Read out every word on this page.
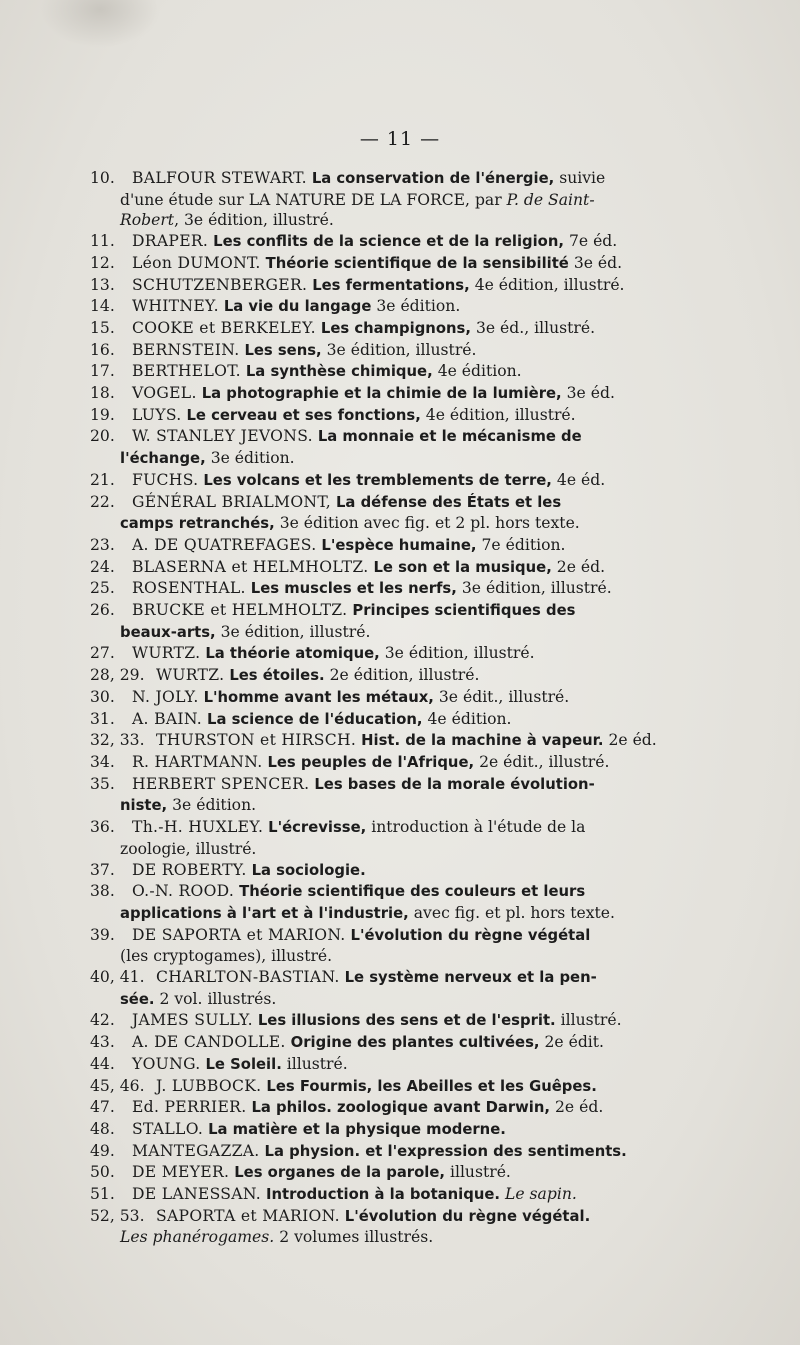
— 11 —
10.	BALFOUR STEWART. La conservation de l'énergie, suivie
d'une étude sur LA NATURE DE LA FORCE, par P. de Saint-
Robert, 3e édition, illustré.
11.	DRAPER. Les conflits de la science et de la religion, 7e éd.
12.	Léon DUMONT. Théorie scientifique de la sensibilité 3e éd.
13.	SCHUTZENBERGER. Les fermentations, 4e édition, illustré.
14.	WHITNEY. La vie du langage 3e édition.
15.	COOKE et BERKELEY. Les champignons, 3e éd., illustré.
16.	BERNSTEIN. Les sens, 3e édition, illustré.
17.	BERTHELOT. La synthèse chimique, 4e édition.
18.	VOGEL. La photographie et la chimie de la lumière, 3e éd.
19.	LUYS. Le cerveau et ses fonctions, 4e édition, illustré.
20.	W. STANLEY JEVONS. La monnaie et le mécanisme de
l'échange, 3e édition.
21.	FUCHS. Les volcans et les tremblements de terre, 4e éd.
22.	GÉNÉRAL BRIALMONT, La défense des États et les
camps retranchés, 3e édition avec fig. et 2 pl. hors texte.
23.	A. DE QUATREFAGES. L'espèce humaine, 7e édition.
24.	BLASERNA et HELMHOLTZ. Le son et la musique, 2e éd.
25.	ROSENTHAL. Les muscles et les nerfs, 3e édition, illustré.
26.	BRUCKE et HELMHOLTZ. Principes scientifiques des
beaux-arts, 3e édition, illustré.
27.	WURTZ. La théorie atomique, 3e édition, illustré.
28, 29. WURTZ. Les étoiles. 2e édition, illustré.
30.	N. JOLY. L'homme avant les métaux, 3e édit., illustré.
31.	A. BAIN. La science de l'éducation, 4e édition.
32, 33. THURSTON et HIRSCH. Hist. de la machine à vapeur. 2e éd.
34.	R. HARTMANN. Les peuples de l'Afrique, 2e édit., illustré.
35.	HERBERT SPENCER. Les bases de la morale évolution-
niste, 3e édition.
36.	Th.-H. HUXLEY. L'écrevisse, introduction à l'étude de la
zoologie, illustré.
37.	DE ROBERTY. La sociologie.
38.	O.-N. ROOD. Théorie scientifique des couleurs et leurs
applications à l'art et à l'industrie, avec fig. et pl. hors texte.
39.	DE SAPORTA et MARION. L'évolution du règne végétal
(les cryptogames), illustré.
40, 41. CHARLTON-BASTIAN. Le système nerveux et la pen-
sée. 2 vol. illustrés.
42.	JAMES SULLY. Les illusions des sens et de l'esprit. illustré.
43.	A. DE CANDOLLE. Origine des plantes cultivées, 2e édit.
44.	YOUNG. Le Soleil. illustré.
45, 46. J. LUBBOCK. Les Fourmis, les Abeilles et les Guêpes.
47.	Ed. PERRIER. La philos. zoologique avant Darwin, 2e éd.
48.	STALLO. La matière et la physique moderne.
49.	MANTEGAZZA. La physion. et l'expression des sentiments.
50.	DE MEYER. Les organes de la parole, illustré.
51.	DE LANESSAN. Introduction à la botanique. Le sapin.
52, 53. SAPORTA et MARION. L'évolution du règne végétal.
Les phanérogames. 2 volumes illustrés.
